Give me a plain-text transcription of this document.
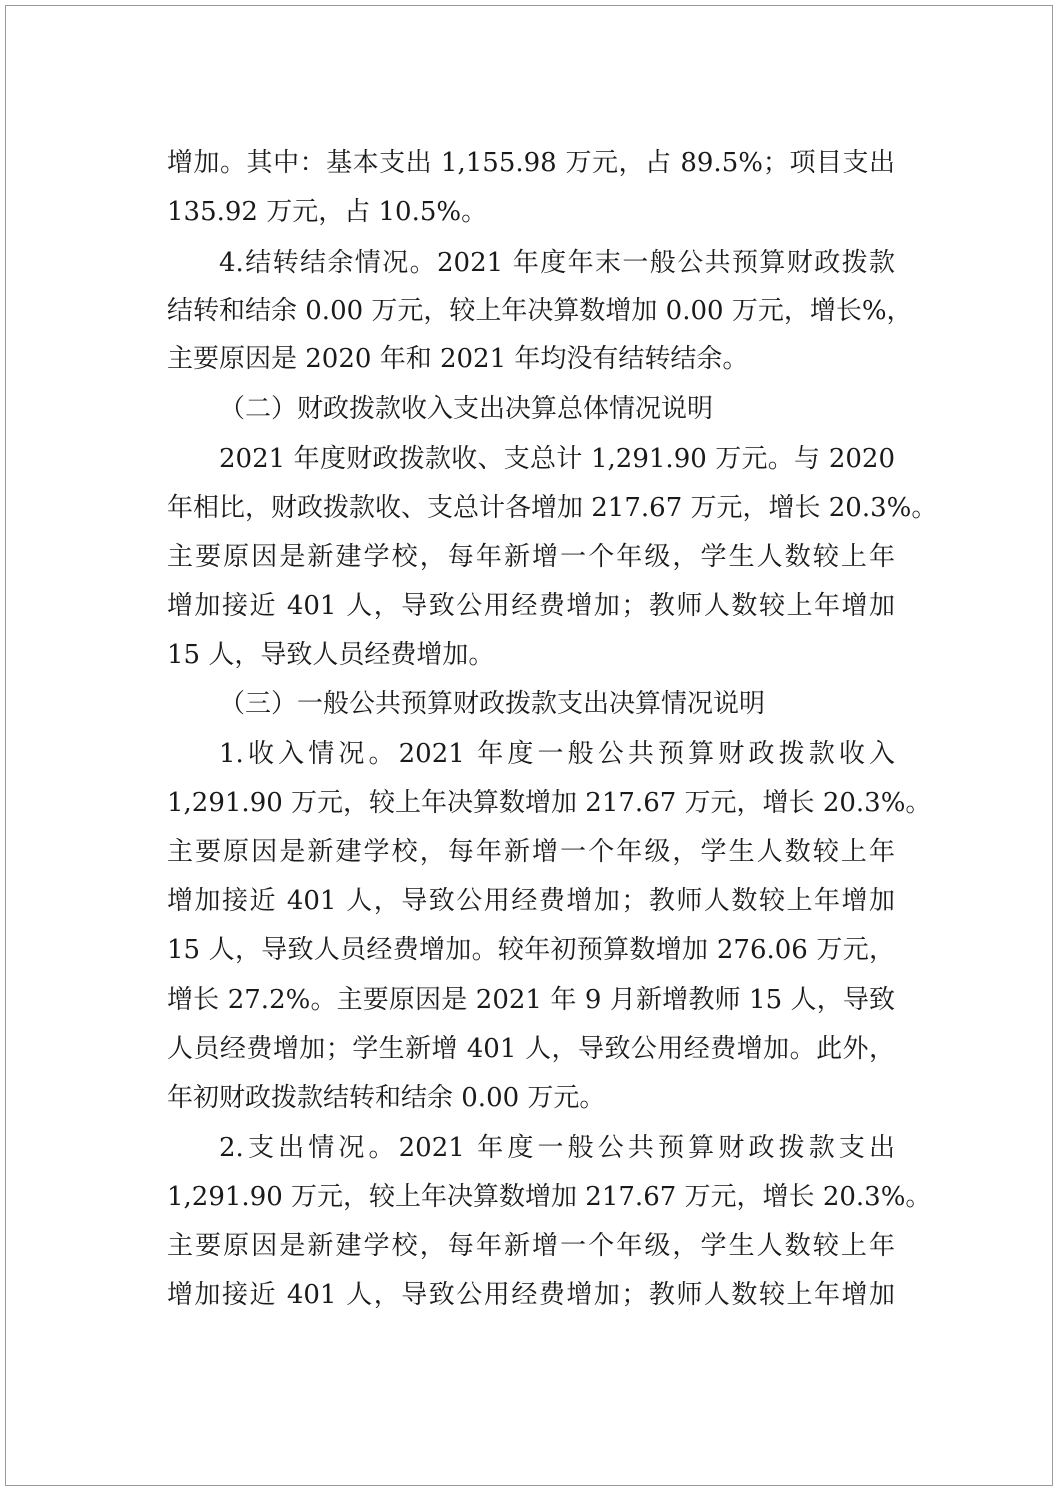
增加。其中：基本支出 1,155.98 万元，占 89.5%；项目支出
135.92 万元，占 10.5%。
4.结转结余情况。2021 年度年末一般公共预算财政拨款
结转和结余 0.00 万元，较上年决算数增加 0.00 万元，增长%，
主要原因是 2020 年和 2021 年均没有结转结余。
（二）财政拨款收入支出决算总体情况说明
2021 年度财政拨款收、支总计 1,291.90 万元。与 2020
年相比，财政拨款收、支总计各增加 217.67 万元，增长 20.3%。
主要原因是新建学校，每年新增一个年级，学生人数较上年
增加接近 401 人，导致公用经费增加；教师人数较上年增加
15 人，导致人员经费增加。
（三）一般公共预算财政拨款支出决算情况说明
1.收入情况。2021 年度一般公共预算财政拨款收入
1,291.90 万元，较上年决算数增加 217.67 万元，增长 20.3%。
主要原因是新建学校，每年新增一个年级，学生人数较上年
增加接近 401 人，导致公用经费增加；教师人数较上年增加
15 人，导致人员经费增加。较年初预算数增加 276.06 万元，
增长 27.2%。主要原因是 2021 年 9 月新增教师 15 人，导致
人员经费增加；学生新增 401 人，导致公用经费增加。此外，
年初财政拨款结转和结余 0.00 万元。
2.支出情况。2021 年度一般公共预算财政拨款支出
1,291.90 万元，较上年决算数增加 217.67 万元，增长 20.3%。
主要原因是新建学校，每年新增一个年级，学生人数较上年
增加接近 401 人，导致公用经费增加；教师人数较上年增加
